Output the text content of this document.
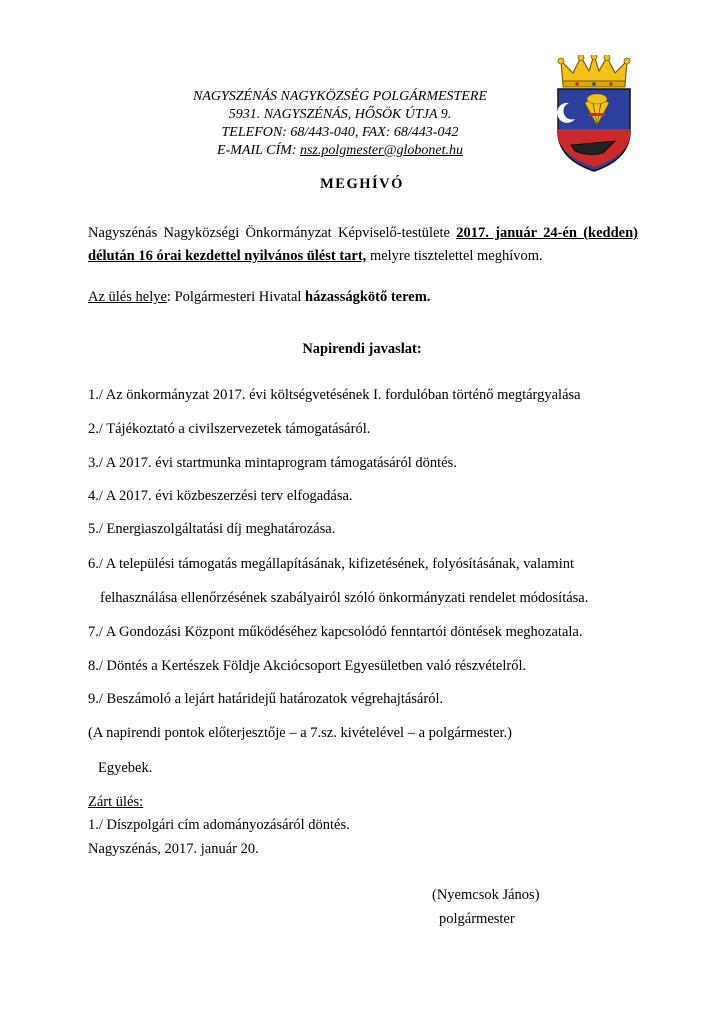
NAGYSZÉNÁS NAGYKÖZSÉG POLGÁRMESTERE
5931. NAGYSZÉNÁS, HŐSÖK ÚTJA 9.
TELEFON: 68/443-040, FAX: 68/443-042
E-MAIL CÍM: nsz.polgmester@globonet.hu
MEGHÍVÓ
Nagyszénás Nagyközségi Önkormányzat Képviselő-testülete 2017. január 24-én (kedden) délután 16 órai kezdettel nyilvános ülést tart, melyre tisztelettel meghívom.
Az ülés helye: Polgármesteri Hivatal házasságkötő terem.
Napirendi javaslat:
1./ Az önkormányzat 2017. évi költségvetésének I. fordulóban történő megtárgyalása
2./ Tájékoztató a civilszervezetek támogatásáról.
3./ A 2017. évi startmunka mintaprogram támogatásáról döntés.
4./ A 2017. évi közbeszerzési terv elfogadása.
5./ Energiaszolgáltatási díj meghatározása.
6./ A települési támogatás megállapításának, kifizetésének, folyósításának, valamint
felhasználása ellenőrzésének szabályairól szóló önkormányzati rendelet módosítása.
7./ A Gondozási Központ működéséhez kapcsolódó fenntartói döntések meghozatala.
8./ Döntés a Kertészek Földje Akciócsoport Egyesületben való részvételről.
9./ Beszámoló a lejárt határidejű határozatok végrehajtásáról.
(A napirendi pontok előterjesztője – a 7.sz. kivételével – a polgármester.)
Egyebek.
Zárt ülés:
1./ Díszpolgári cím adományozásáról döntés.
Nagyszénás, 2017. január 20.
(Nyemcsok János)
polgármester
